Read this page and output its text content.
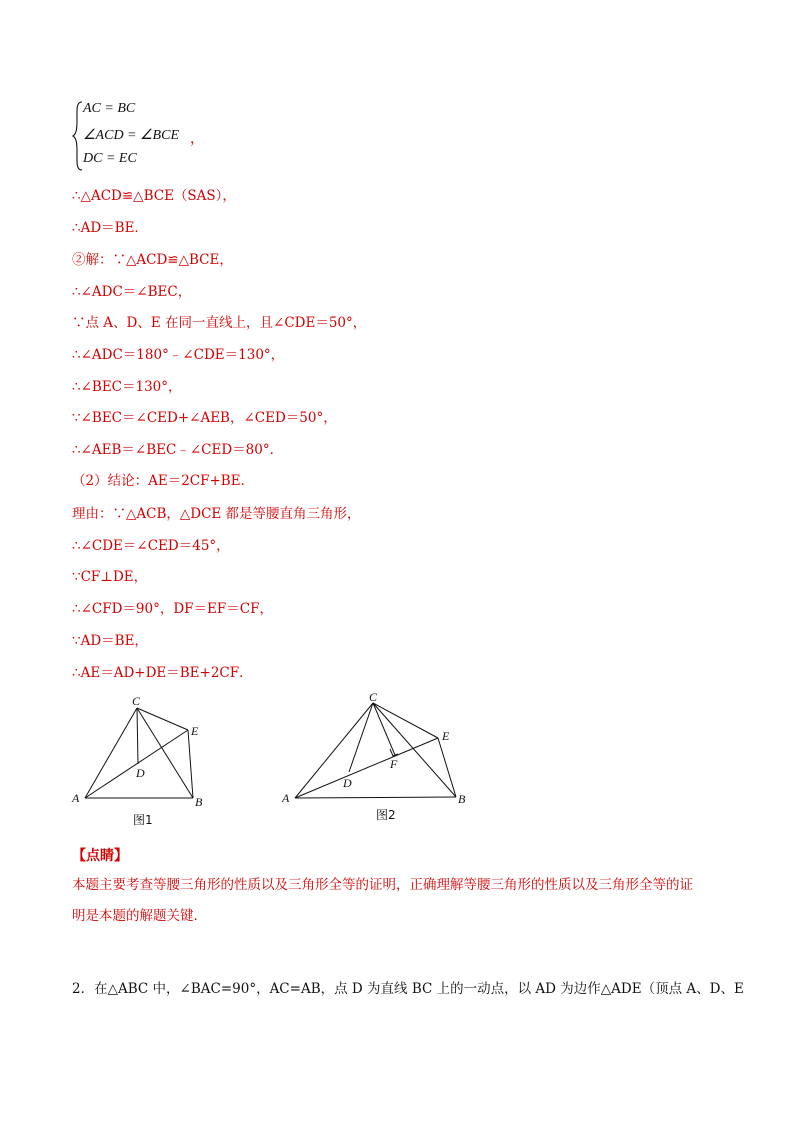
AC = BC
∠ACD = ∠BCE
DC = EC
，
∴△ACD≌△BCE（SAS），
∴AD＝BE．
②解：∵△ACD≌△BCE，
∴∠ADC＝∠BEC，
∵点 A、D、E 在同一直线上，且∠CDE＝50°，
∴∠ADC＝180°﹣∠CDE＝130°，
∴∠BEC＝130°，
∵∠BEC＝∠CED+∠AEB，∠CED＝50°，
∴∠AEB＝∠BEC﹣∠CED＝80°．
（2）结论：AE＝2CF+BE．
理由：∵△ACB，△DCE 都是等腰直角三角形，
∴∠CDE＝∠CED＝45°，
∵CF⊥DE，
∴∠CFD＝90°，DF＝EF＝CF，
∵AD＝BE，
∴AE＝AD+DE＝BE+2CF．
C
E
D
A	B
图1
C
E
F
D
A	B
图2
【点睛】
本题主要考查等腰三角形的性质以及三角形全等的证明，正确理解等腰三角形的性质以及三角形全等的证
明是本题的解题关键．
2．在△ABC 中，∠BAC=90°，AC=AB，点 D 为直线 BC 上的一动点，以 AD 为边作△ADE（顶点 A、D、E
